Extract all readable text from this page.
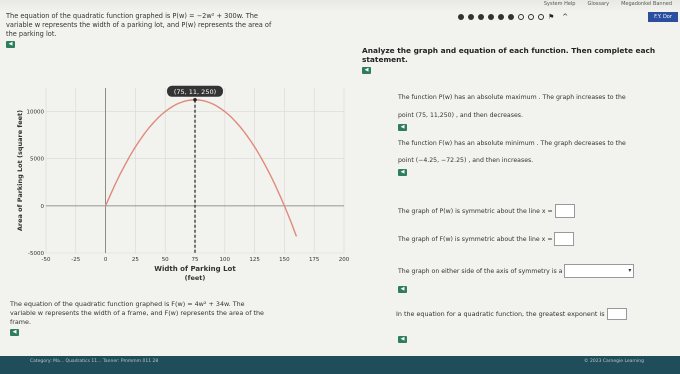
System Help Glossary Megadonkel Banned
⚑ ^	F.Y. Dor
The equation of the quadratic function graphed is P(w) = −2w² + 300w. The
variable w represents the width of a parking lot, and P(w) represents the area of
the parking lot.
◀
Analyze the graph and equation of each function. Then complete each statement.
◀
-50	-25	0	25	50	75	100	125	150	175	200
-5000
0
5000
10000
(75, 11, 250)
Width of Parking Lot
(feet)
Area of Parking Lot (square feet)
The function P(w) has an absolute maximum . The graph increases to the
point (75, 11,250) , and then decreases.
◀
The function F(w) has an absolute minimum . The graph decreases to the
point (−4.25, −72.25) , and then increases.
◀
The graph of P(w) is symmetric about the line x =
The graph of F(w) is symmetric about the line x =
The graph on either side of the axis of symmetry is a	▾
◀
The equation of the quadratic function graphed is F(w) = 4w² + 34w. The
variable w represents the width of a frame, and F(w) represents the area of the
frame.
◀
In the equation for a quadratic function, the greatest exponent is
◀
Category: Ma... Quadratics 11... Tanner: Pmmmm 011 28	© 2023 Carnegie Learning
